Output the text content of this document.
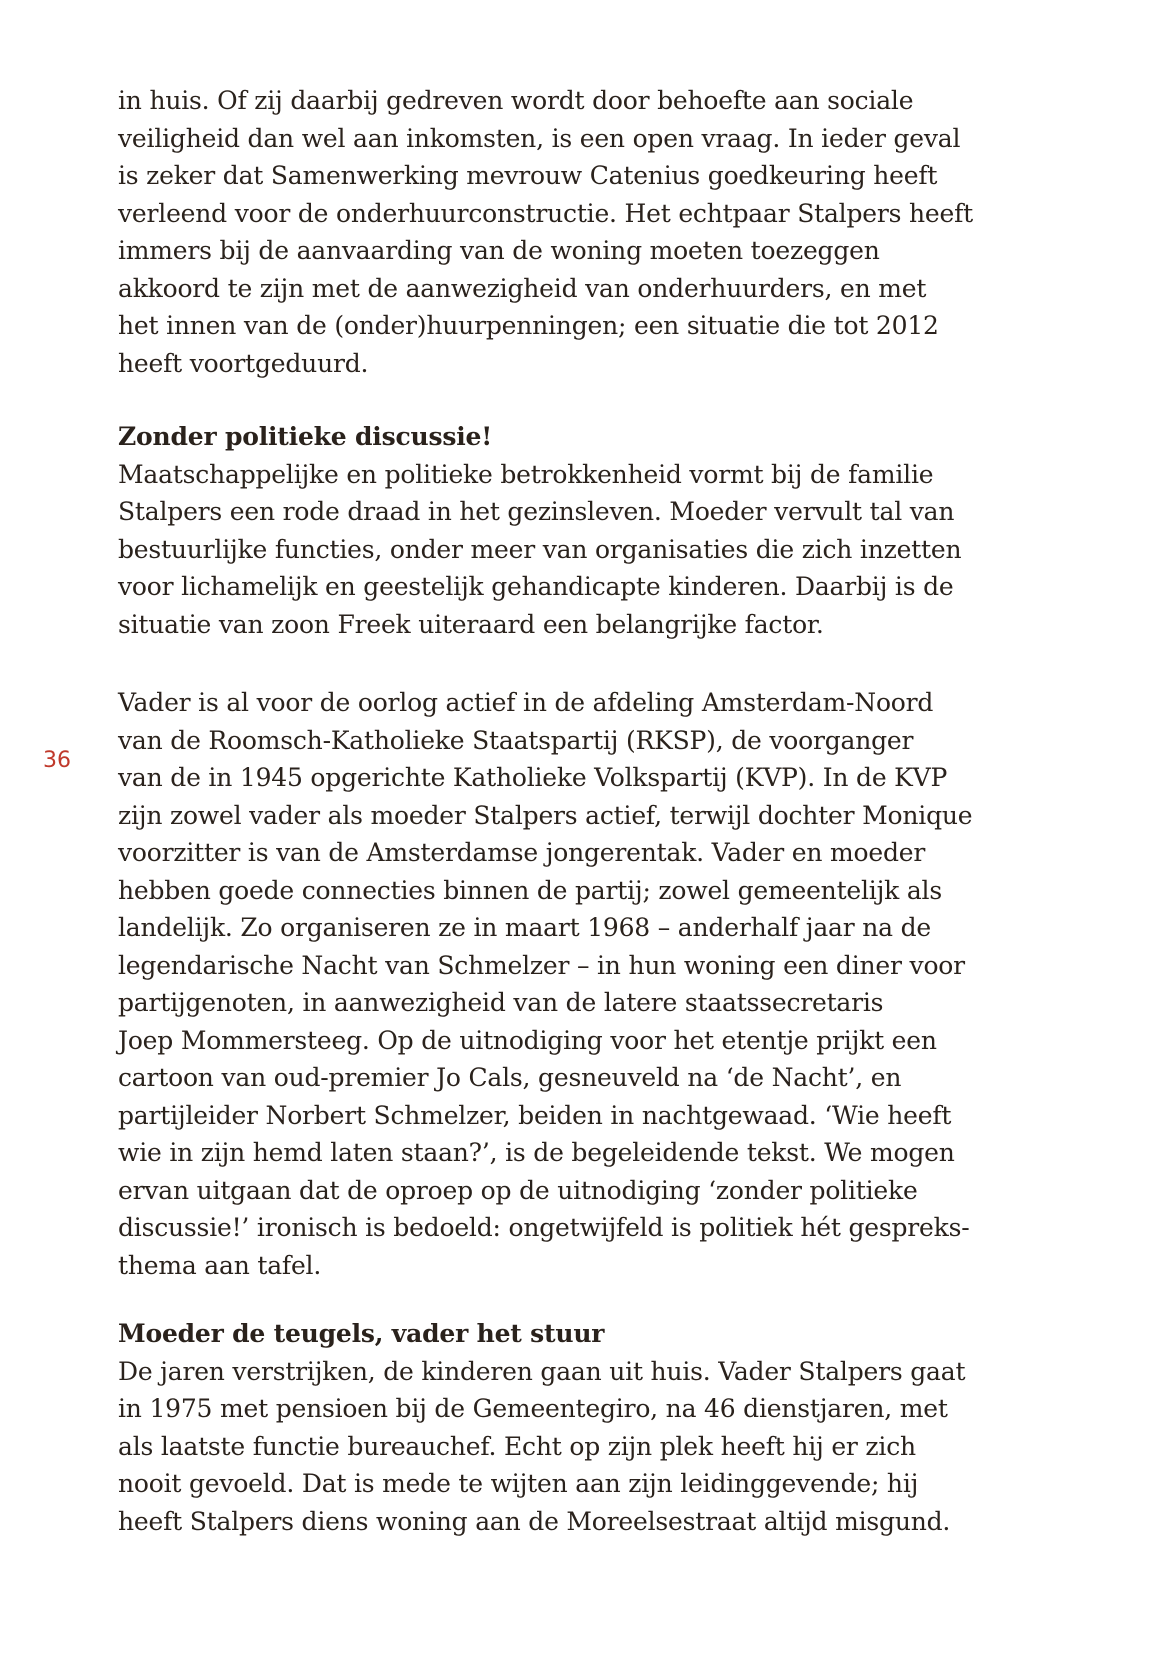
in huis. Of zij daarbij gedreven wordt door behoefte aan sociale
veiligheid dan wel aan inkomsten, is een open vraag. In ieder geval
is zeker dat Samenwerking mevrouw Catenius goedkeuring heeft
verleend voor de onderhuurconstructie. Het echtpaar Stalpers heeft
immers bij de aanvaarding van de woning moeten toezeggen
akkoord te zijn met de aanwezigheid van onderhuurders, en met
het innen van de (onder)huurpenningen; een situatie die tot 2012
heeft voortgeduurd.
Zonder politieke discussie!
Maatschappelijke en politieke betrokkenheid vormt bij de familie
Stalpers een rode draad in het gezinsleven. Moeder vervult tal van
bestuurlijke functies, onder meer van organisaties die zich inzetten
voor lichamelijk en geestelijk gehandicapte kinderen. Daarbij is de
situatie van zoon Freek uiteraard een belangrijke factor.
Vader is al voor de oorlog actief in de afdeling Amsterdam-Noord
van de Roomsch-Katholieke Staatspartij (RKSP), de voorganger
van de in 1945 opgerichte Katholieke Volkspartij (KVP). In de KVP
zijn zowel vader als moeder Stalpers actief, terwijl dochter Monique
voorzitter is van de Amsterdamse jongerentak. Vader en moeder
hebben goede connecties binnen de partij; zowel gemeentelijk als
landelijk. Zo organiseren ze in maart 1968 – anderhalf jaar na de
legendarische Nacht van Schmelzer – in hun woning een diner voor
partijgenoten, in aanwezigheid van de latere staatssecretaris
Joep Mommersteeg. Op de uitnodiging voor het etentje prijkt een
cartoon van oud-premier Jo Cals, gesneuveld na ‘de Nacht’, en
partijleider Norbert Schmelzer, beiden in nachtgewaad. ‘Wie heeft
wie in zijn hemd laten staan?’, is de begeleidende tekst. We mogen
ervan uitgaan dat de oproep op de uitnodiging ‘zonder politieke
discussie!’ ironisch is bedoeld: ongetwijfeld is politiek hét gespreks-
thema aan tafel.
Moeder de teugels, vader het stuur
De jaren verstrijken, de kinderen gaan uit huis. Vader Stalpers gaat
in 1975 met pensioen bij de Gemeentegiro, na 46 dienstjaren, met
als laatste functie bureauchef. Echt op zijn plek heeft hij er zich
nooit gevoeld. Dat is mede te wijten aan zijn leidinggevende; hij
heeft Stalpers diens woning aan de Moreelsestraat altijd misgund.
36
